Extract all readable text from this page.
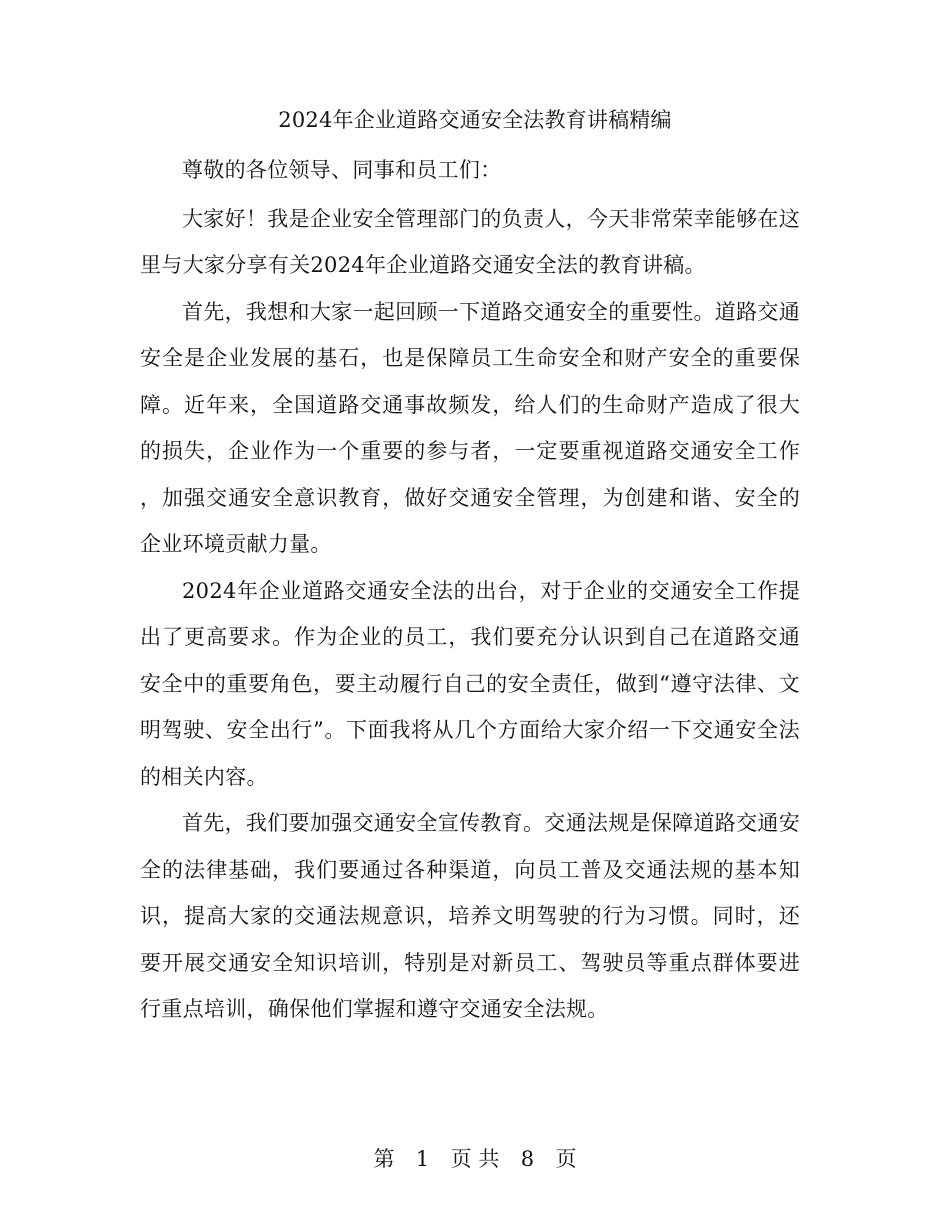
2024年企业道路交通安全法教育讲稿精编

尊敬的各位领导、同事和员工们：

大家好！我是企业安全管理部门的负责人，今天非常荣幸能够在这里与大家分享有关2024年企业道路交通安全法的教育讲稿。

首先，我想和大家一起回顾一下道路交通安全的重要性。道路交通安全是企业发展的基石，也是保障员工生命安全和财产安全的重要保障。近年来，全国道路交通事故频发，给人们的生命财产造成了很大的损失，企业作为一个重要的参与者，一定要重视道路交通安全工作，加强交通安全意识教育，做好交通安全管理，为创建和谐、安全的企业环境贡献力量。

2024年企业道路交通安全法的出台，对于企业的交通安全工作提出了更高要求。作为企业的员工，我们要充分认识到自己在道路交通安全中的重要角色，要主动履行自己的安全责任，做到“遵守法律、文明驾驶、安全出行”。下面我将从几个方面给大家介绍一下交通安全法的相关内容。

首先，我们要加强交通安全宣传教育。交通法规是保障道路交通安全的法律基础，我们要通过各种渠道，向员工普及交通法规的基本知识，提高大家的交通法规意识，培养文明驾驶的行为习惯。同时，还要开展交通安全知识培训，特别是对新员工、驾驶员等重点群体要进行重点培训，确保他们掌握和遵守交通安全法规。

第 1 页 共 8 页
